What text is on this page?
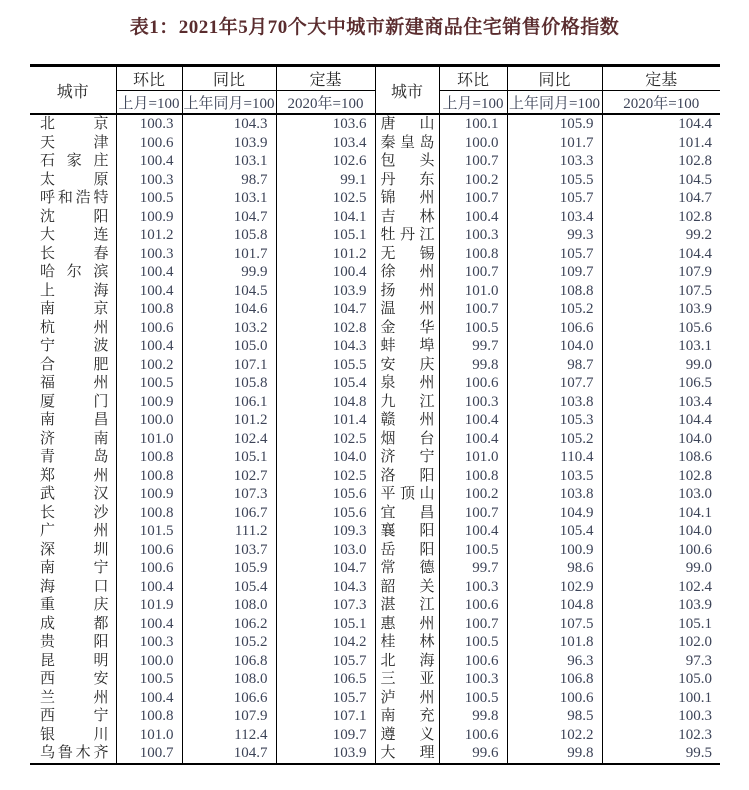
表1：2021年5月70个大中城市新建商品住宅销售价格指数
城市	环比	同比	定基	城市	环比	同比	定基
	上月=100	上年同月=100	2020年=100		上月=100	上年同月=100	2020年=100

北京	100.3	104.3	103.6	唐山	100.1	105.9	104.4

天津	100.6	103.9	103.4	秦皇岛	100.0	101.7	101.4

石家庄	100.4	103.1	102.6	包头	100.7	103.3	102.8

太原	100.3	98.7	99.1	丹东	100.2	105.5	104.5

呼和浩特	100.5	103.1	102.5	锦州	100.7	105.7	104.7

沈阳	100.9	104.7	104.1	吉林	100.4	103.4	102.8

大连	101.2	105.8	105.1	牡丹江	100.3	99.3	99.2

长春	100.3	101.7	101.2	无锡	100.8	105.7	104.4

哈尔滨	100.4	99.9	100.4	徐州	100.7	109.7	107.9

上海	100.4	104.5	103.9	扬州	101.0	108.8	107.5

南京	100.8	104.6	104.7	温州	100.7	105.2	103.9

杭州	100.6	103.2	102.8	金华	100.5	106.6	105.6

宁波	100.4	105.0	104.3	蚌埠	99.7	104.0	103.1

合肥	100.2	107.1	105.5	安庆	99.8	98.7	99.0

福州	100.5	105.8	105.4	泉州	100.6	107.7	106.5

厦门	100.9	106.1	104.8	九江	100.3	103.8	103.4

南昌	100.0	101.2	101.4	赣州	100.4	105.3	104.4

济南	101.0	102.4	102.5	烟台	100.4	105.2	104.0

青岛	100.8	105.1	104.0	济宁	101.0	110.4	108.6

郑州	100.8	102.7	102.5	洛阳	100.8	103.5	102.8

武汉	100.9	107.3	105.6	平顶山	100.2	103.8	103.0

长沙	100.8	106.7	105.6	宜昌	100.7	104.9	104.1

广州	101.5	111.2	109.3	襄阳	100.4	105.4	104.0

深圳	100.6	103.7	103.0	岳阳	100.5	100.9	100.6

南宁	100.6	105.9	104.7	常德	99.7	98.6	99.0

海口	100.4	105.4	104.3	韶关	100.3	102.9	102.4

重庆	101.9	108.0	107.3	湛江	100.6	104.8	103.9

成都	100.4	106.2	105.1	惠州	100.7	107.5	105.1

贵阳	100.3	105.2	104.2	桂林	100.5	101.8	102.0

昆明	100.0	106.8	105.7	北海	100.6	96.3	97.3

西安	100.5	108.0	106.5	三亚	100.3	106.8	105.0

兰州	100.4	106.6	105.7	泸州	100.5	100.6	100.1

西宁	100.8	107.9	107.1	南充	99.8	98.5	100.3

银川	101.0	112.4	109.7	遵义	100.6	102.2	102.3

乌鲁木齐	100.7	104.7	103.9	大理	99.6	99.8	99.5
